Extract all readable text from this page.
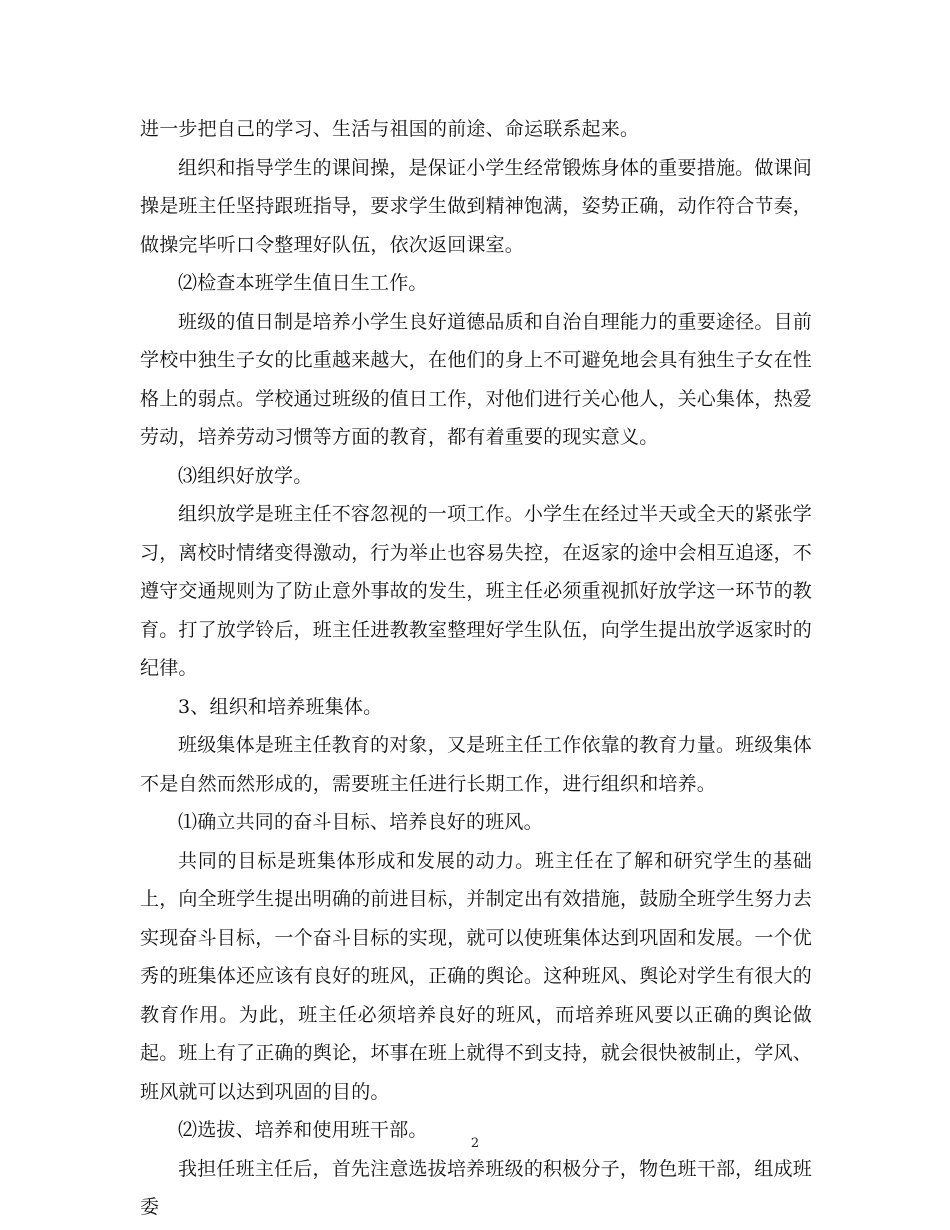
进一步把自己的学习、生活与祖国的前途、命运联系起来。

组织和指导学生的课间操，是保证小学生经常锻炼身体的重要措施。做课间操是班主任坚持跟班指导，要求学生做到精神饱满，姿势正确，动作符合节奏，做操完毕听口令整理好队伍，依次返回课室。

⑵检查本班学生值日生工作。

班级的值日制是培养小学生良好道德品质和自治自理能力的重要途径。目前学校中独生子女的比重越来越大，在他们的身上不可避免地会具有独生子女在性格上的弱点。学校通过班级的值日工作，对他们进行关心他人，关心集体，热爱劳动，培养劳动习惯等方面的教育，都有着重要的现实意义。

⑶组织好放学。

组织放学是班主任不容忽视的一项工作。小学生在经过半天或全天的紧张学习，离校时情绪变得激动，行为举止也容易失控，在返家的途中会相互追逐，不遵守交通规则为了防止意外事故的发生，班主任必须重视抓好放学这一环节的教育。打了放学铃后，班主任进教教室整理好学生队伍，向学生提出放学返家时的纪律。

3、组织和培养班集体。

班级集体是班主任教育的对象，又是班主任工作依靠的教育力量。班级集体不是自然而然形成的，需要班主任进行长期工作，进行组织和培养。

⑴确立共同的奋斗目标、培养良好的班风。

共同的目标是班集体形成和发展的动力。班主任在了解和研究学生的基础上，向全班学生提出明确的前进目标，并制定出有效措施，鼓励全班学生努力去实现奋斗目标，一个奋斗目标的实现，就可以使班集体达到巩固和发展。一个优秀的班集体还应该有良好的班风，正确的舆论。这种班风、舆论对学生有很大的教育作用。为此，班主任必须培养良好的班风，而培养班风要以正确的舆论做起。班上有了正确的舆论，坏事在班上就得不到支持，就会很快被制止，学风、班风就可以达到巩固的目的。

⑵选拔、培养和使用班干部。

我担任班主任后，首先注意选拔培养班级的积极分子，物色班干部，组成班委

2
